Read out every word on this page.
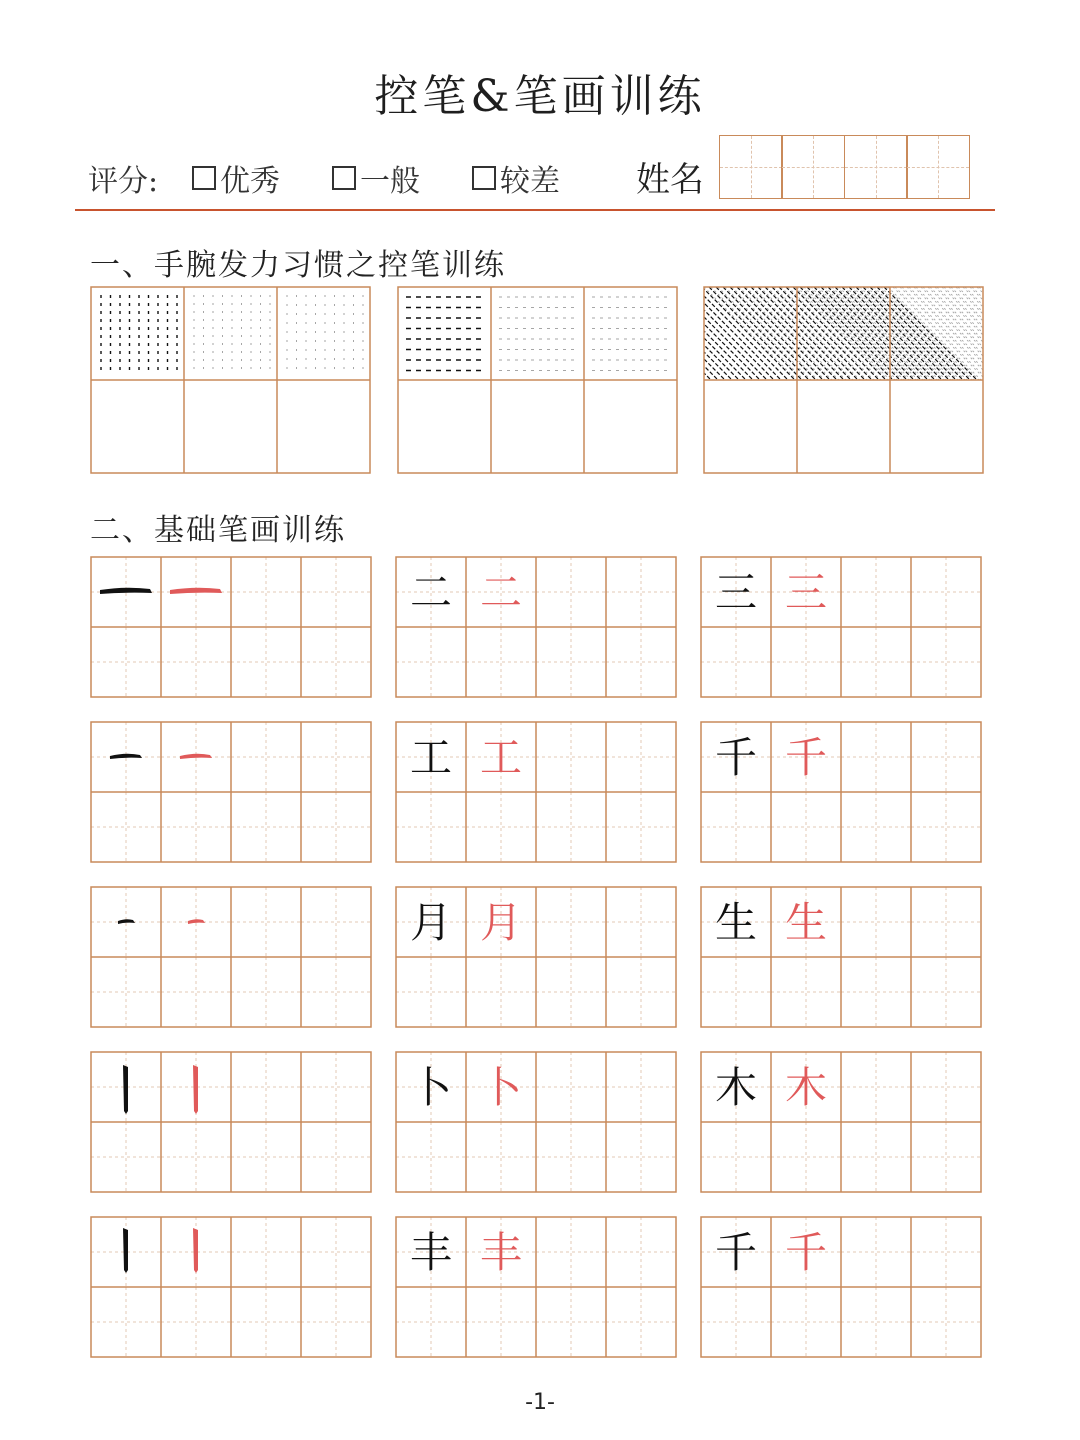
控笔&笔画训练
评分: 优秀	一般	较差 姓名
一、手腕发力习惯之控笔训练
二、基础笔画训练
二 二	三 三
工 工	千 千
月 月	生 生
卜 卜	木 木
丰 丰	千 千
-1-
